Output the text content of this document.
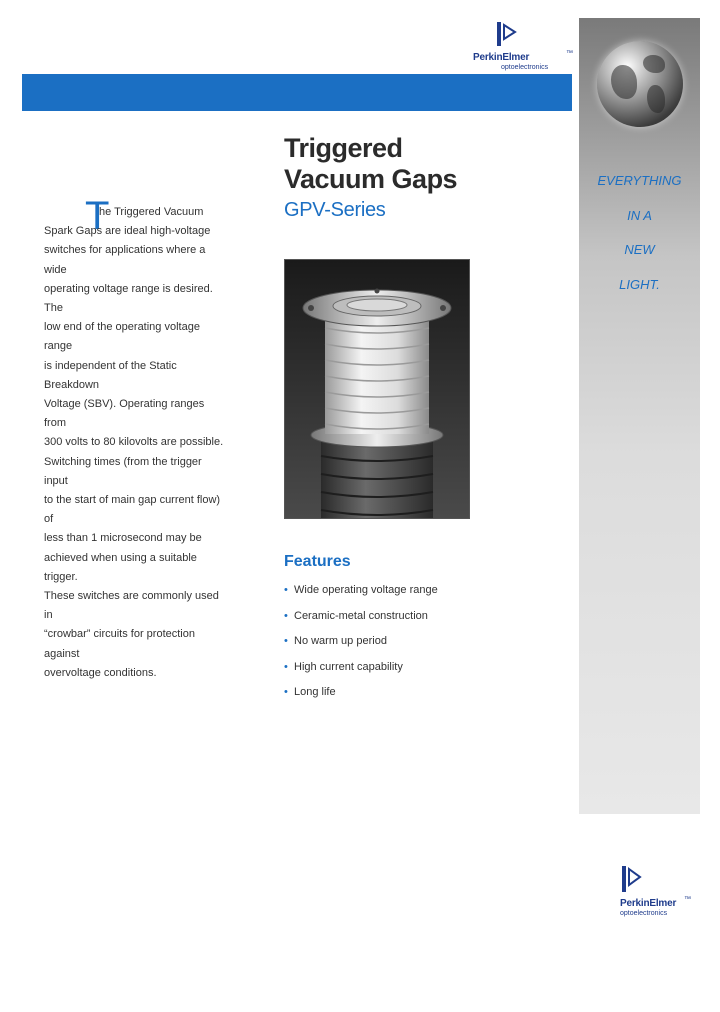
PerkinElmer	™
optoelectronics
EVERYTHING
IN A
NEW
LIGHT.
Triggered
Vacuum Gaps
GPV-Series
T
he Triggered Vacuum
Spark Gaps are ideal high-voltage
switches for applications where a wide
operating voltage range is desired. The
low end of the operating voltage range
is independent of the Static Breakdown
Voltage (SBV). Operating ranges from
300 volts to 80 kilovolts are possible.
Switching times (from the trigger input
to the start of main gap current flow) of
less than 1 microsecond may be
achieved when using a suitable trigger.
These switches are commonly used in
“crowbar” circuits for protection against
overvoltage conditions.
Features
• Wide operating voltage range
• Ceramic-metal construction
• No warm up period
• High current capability
• Long life
PerkinElmer ™
optoelectronics
